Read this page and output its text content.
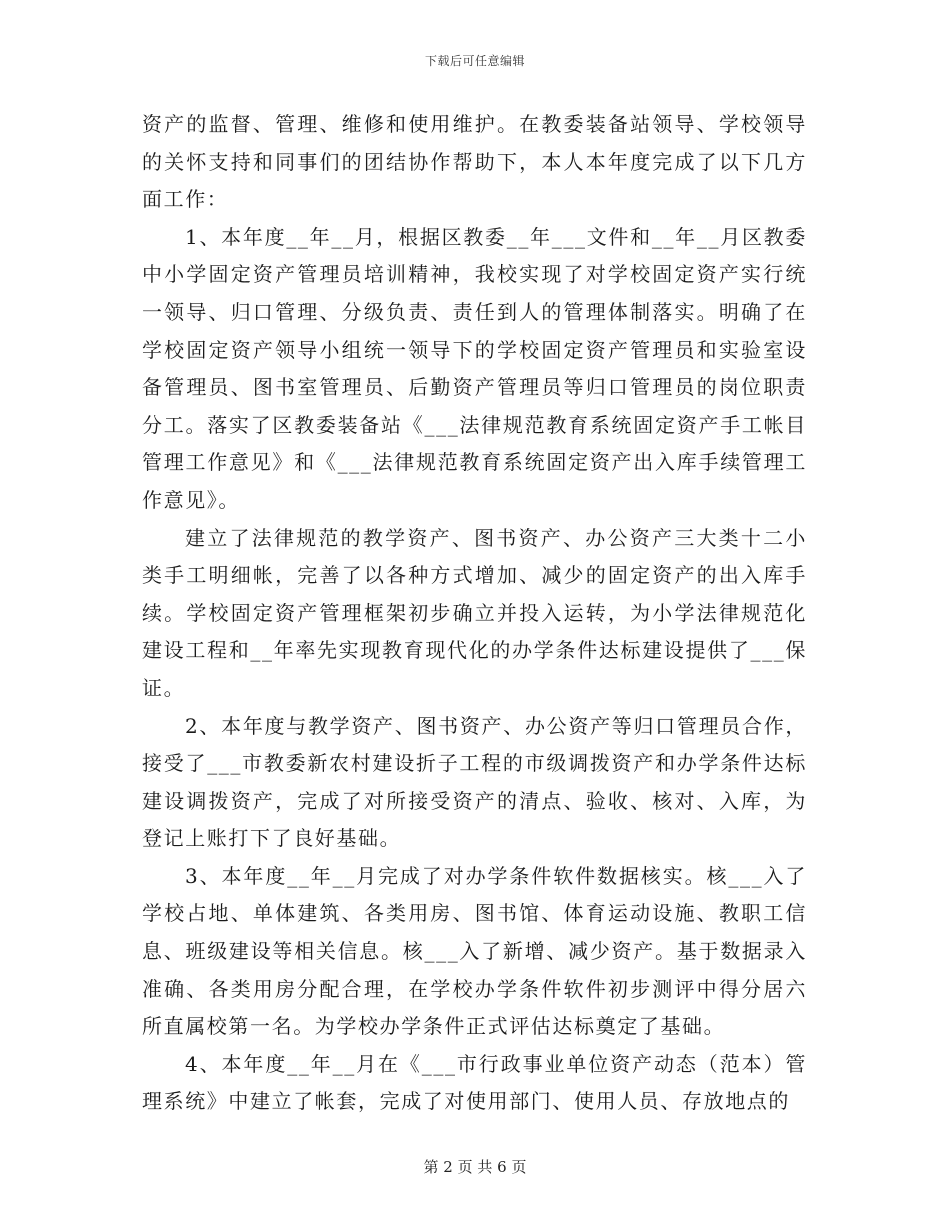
下载后可任意编辑

资产的监督、管理、维修和使用维护。在教委装备站领导、学校领导的关怀支持和同事们的团结协作帮助下，本人本年度完成了以下几方面工作：

1、本年度__年__月，根据区教委__年___文件和__年__月区教委中小学固定资产管理员培训精神，我校实现了对学校固定资产实行统一领导、归口管理、分级负责、责任到人的管理体制落实。明确了在学校固定资产领导小组统一领导下的学校固定资产管理员和实验室设备管理员、图书室管理员、后勤资产管理员等归口管理员的岗位职责分工。落实了区教委装备站《___法律规范教育系统固定资产手工帐目管理工作意见》和《___法律规范教育系统固定资产出入库手续管理工作意见》。

建立了法律规范的教学资产、图书资产、办公资产三大类十二小类手工明细帐，完善了以各种方式增加、减少的固定资产的出入库手续。学校固定资产管理框架初步确立并投入运转，为小学法律规范化建设工程和__年率先实现教育现代化的办学条件达标建设提供了___保证。

2、本年度与教学资产、图书资产、办公资产等归口管理员合作，接受了___市教委新农村建设折子工程的市级调拨资产和办学条件达标建设调拨资产，完成了对所接受资产的清点、验收、核对、入库，为登记上账打下了良好基础。

3、本年度__年__月完成了对办学条件软件数据核实。核___入了学校占地、单体建筑、各类用房、图书馆、体育运动设施、教职工信息、班级建设等相关信息。核___入了新增、减少资产。基于数据录入准确、各类用房分配合理，在学校办学条件软件初步测评中得分居六所直属校第一名。为学校办学条件正式评估达标奠定了基础。

4、本年度__年__月在《___市行政事业单位资产动态（范本）管理系统》中建立了帐套，完成了对使用部门、使用人员、存放地点的

第 2 页 共 6 页
